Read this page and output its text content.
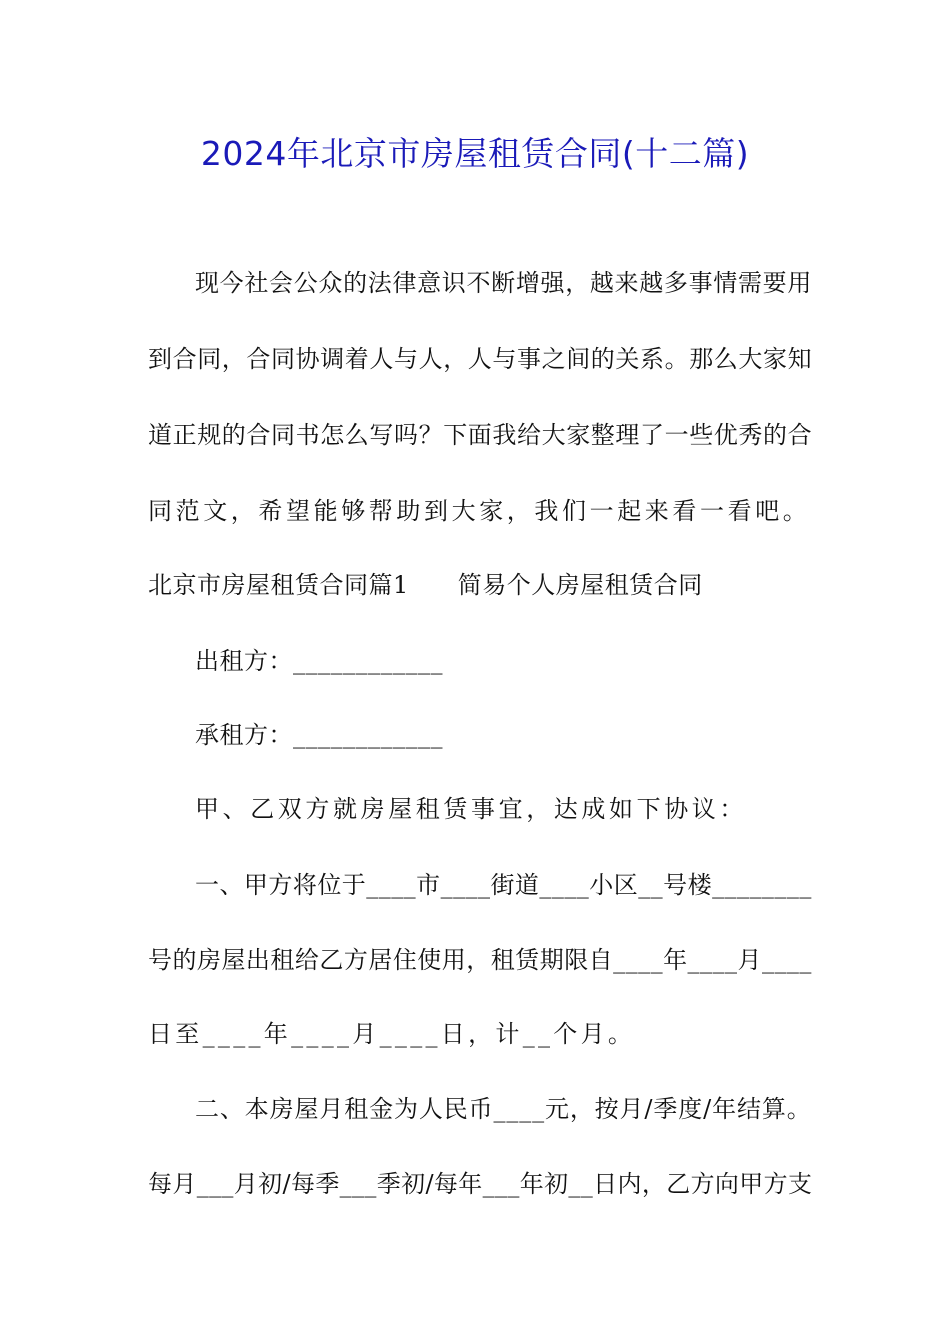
2024年北京市房屋租赁合同(十二篇)
现今社会公众的法律意识不断增强，越来越多事情需要用
到合同，合同协调着人与人，人与事之间的关系。那么大家知
道正规的合同书怎么写吗？下面我给大家整理了一些优秀的合
同范文，希望能够帮助到大家，我们一起来看一看吧。
北京市房屋租赁合同篇1　　简易个人房屋租赁合同
出租方：____________
承租方：____________
甲、乙双方就房屋租赁事宜，达成如下协议：
一、甲方将位于____市____街道____小区__号楼________
号的房屋出租给乙方居住使用，租赁期限自____年____月____
日至____年____月____日，计__个月。
二、本房屋月租金为人民币____元，按月/季度/年结算。
每月___月初/每季___季初/每年___年初__日内，乙方向甲方支
